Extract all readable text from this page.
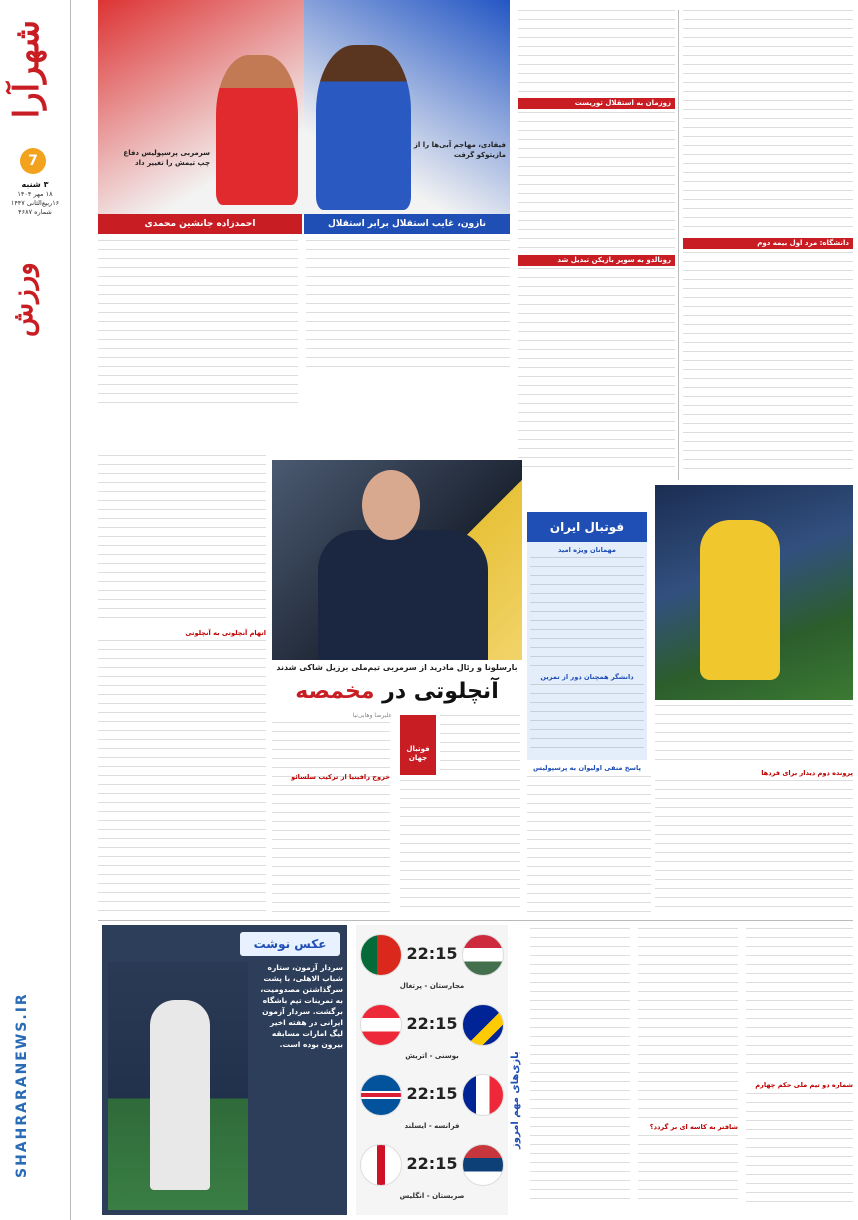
شهرآرا
7
۳ شنبه
۱۸ مهر ۱۴۰۴
۱۶ربیع‌الثانی ۱۴۴۷
شماره ۴۶۸۷
ورزش
SHAHRARANEWS.IR
سرمربی پرسپولیس دفاع چپ تیمش را تغییر داد
فیفادی، مهاجم آبی‌ها را از مازیتوکو گرفت
احمدزاده جانشین محمدی	نازون، غایب استقلال برابر استقلال
دانشگاه: مرد اول بیمه دوم
زوزمان به استقلال توریست
رونالدو به سوپر بازیکن تبدیل شد
پرونده دوم دیدار برای فردها
اتهام آنچلوتی به آنچلوتی
بارسلونا و رئال مادرید از سرمربی تیم‌ملی برزیل شاکی شدند
آنچلوتی در مخمصه
علیرضا وهابی‌نیا
فوتبال جهان
خروج رافینیا از ترکیب سلسائو
فوتبال ایران
مهمانان ویژه امید
دانشگر همچنان دور از تمرین
پاسخ منفی اولیوان به پرسپولیس
عکس نوشت
سردار آزمون، ستاره شباب الاهلی، با پشت سرگذاشتن مصدومیت، به تمرینات تیم باشگاه برگشت. سردار آزمون ایرانی در هفته اخیر لیگ امارات مسابقه بیرون بوده است.
22:15
مجارستان - پرتغال
22:15
بوسنی - اتریش
22:15
فرانسه - ایسلند
22:15
صربستان - انگلیس
بازی‌های مهم امروز	شافتر به کاسه ای بر گردد؟
شماره دو تیم ملی حکم چهارم
